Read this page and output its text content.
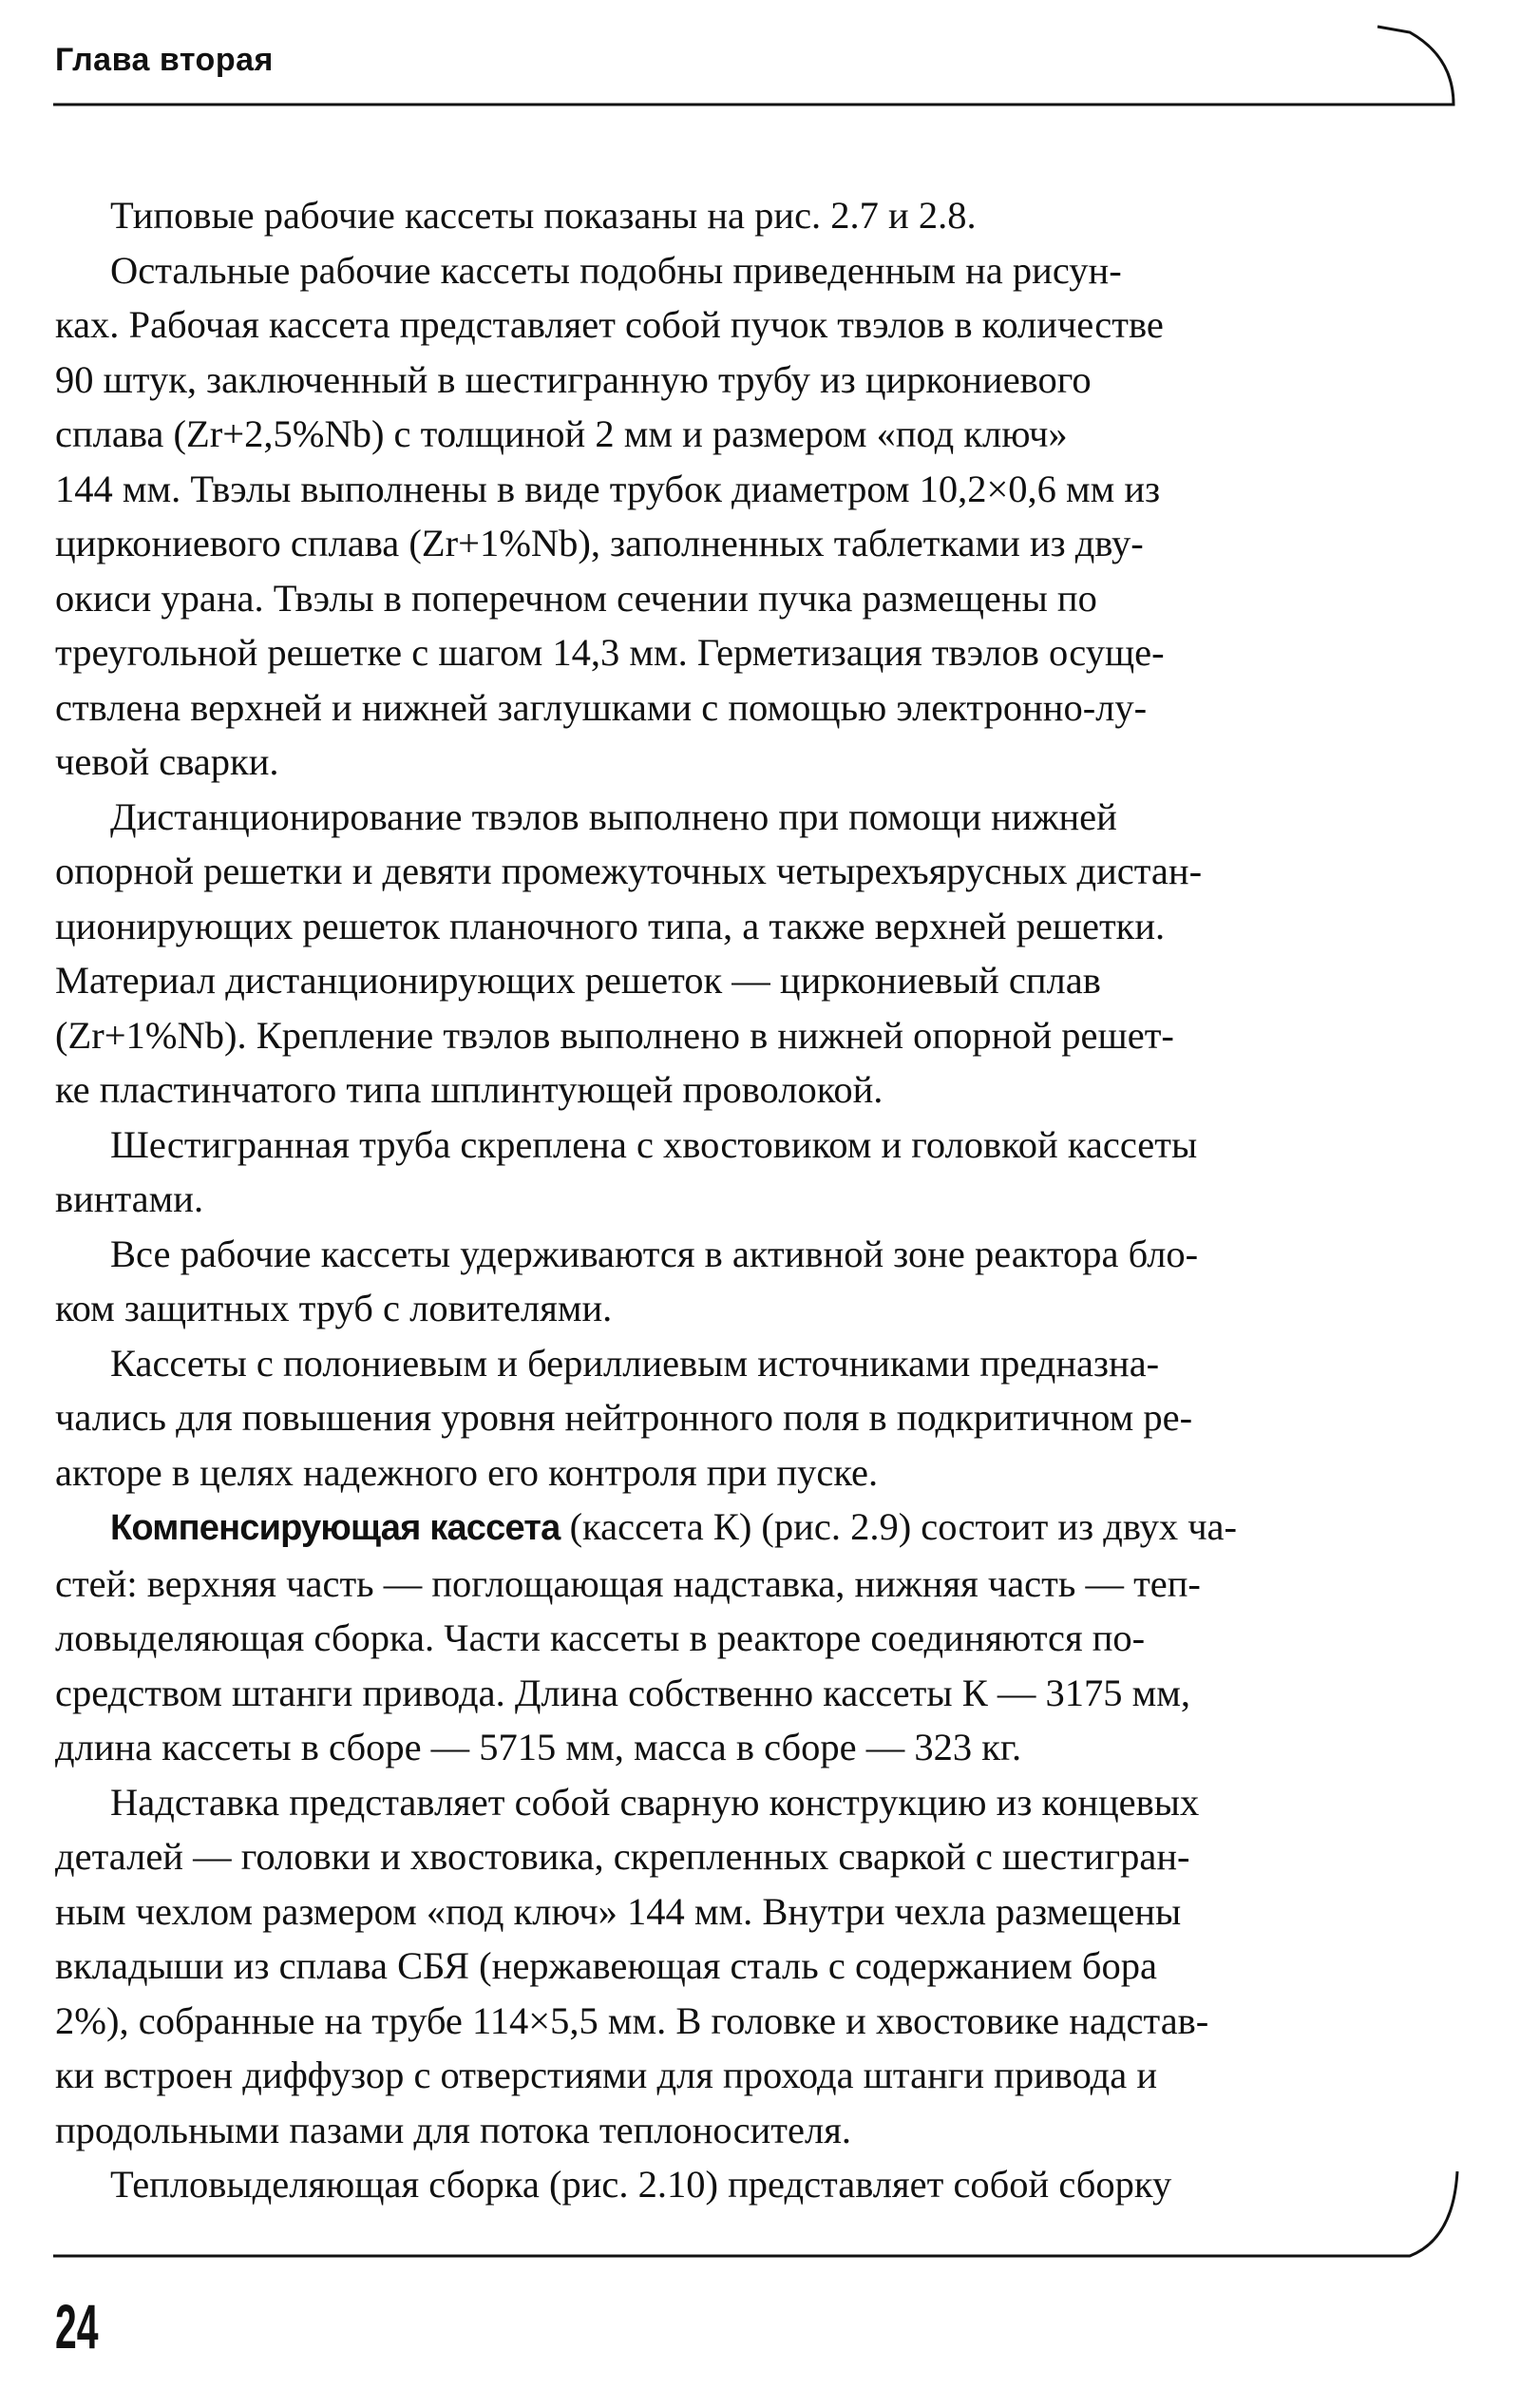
Глава вторая

Типовые рабочие кассеты показаны на рис. 2.7 и 2.8.

Остальные рабочие кассеты подобны приведенным на рисун-
ках. Рабочая кассета представляет собой пучок твэлов в количестве
90 штук, заключенный в шестигранную трубу из циркониевого
сплава (Zr+2,5%Nb) с толщиной 2 мм и размером «под ключ»
144 мм. Твэлы выполнены в виде трубок диаметром 10,2×0,6 мм из
циркониевого сплава (Zr+1%Nb), заполненных таблетками из дву-
окиси урана. Твэлы в поперечном сечении пучка размещены по
треугольной решетке с шагом 14,3 мм. Герметизация твэлов осуще-
ствлена верхней и нижней заглушками с помощью электронно-лу-
чевой сварки.

Дистанционирование твэлов выполнено при помощи нижней
опорной решетки и девяти промежуточных четырехъярусных дистан-
ционирующих решеток планочного типа, а также верхней решетки.
Материал дистанционирующих решеток — циркониевый сплав
(Zr+1%Nb). Крепление твэлов выполнено в нижней опорной решет-
ке пластинчатого типа шплинтующей проволокой.

Шестигранная труба скреплена с хвостовиком и головкой кассеты
винтами.

Все рабочие кассеты удерживаются в активной зоне реактора бло-
ком защитных труб с ловителями.

Кассеты с полониевым и бериллиевым источниками предназна-
чались для повышения уровня нейтронного поля в подкритичном ре-
акторе в целях надежного его контроля при пуске.

Компенсирующая кассета (кассета К) (рис. 2.9) состоит из двух ча-
стей: верхняя часть — поглощающая надставка, нижняя часть — теп-
ловыделяющая сборка. Части кассеты в реакторе соединяются по-
средством штанги привода. Длина собственно кассеты К — 3175 мм,
длина кассеты в сборе — 5715 мм, масса в сборе — 323 кг.

Надставка представляет собой сварную конструкцию из концевых
деталей — головки и хвостовика, скрепленных сваркой с шестигран-
ным чехлом размером «под ключ» 144 мм. Внутри чехла размещены
вкладыши из сплава СБЯ (нержавеющая сталь с содержанием бора
2%), собранные на трубе 114×5,5 мм. В головке и хвостовике надстав-
ки встроен диффузор с отверстиями для прохода штанги привода и
продольными пазами для потока теплоносителя.

Тепловыделяющая сборка (рис. 2.10) представляет собой сборку

24
